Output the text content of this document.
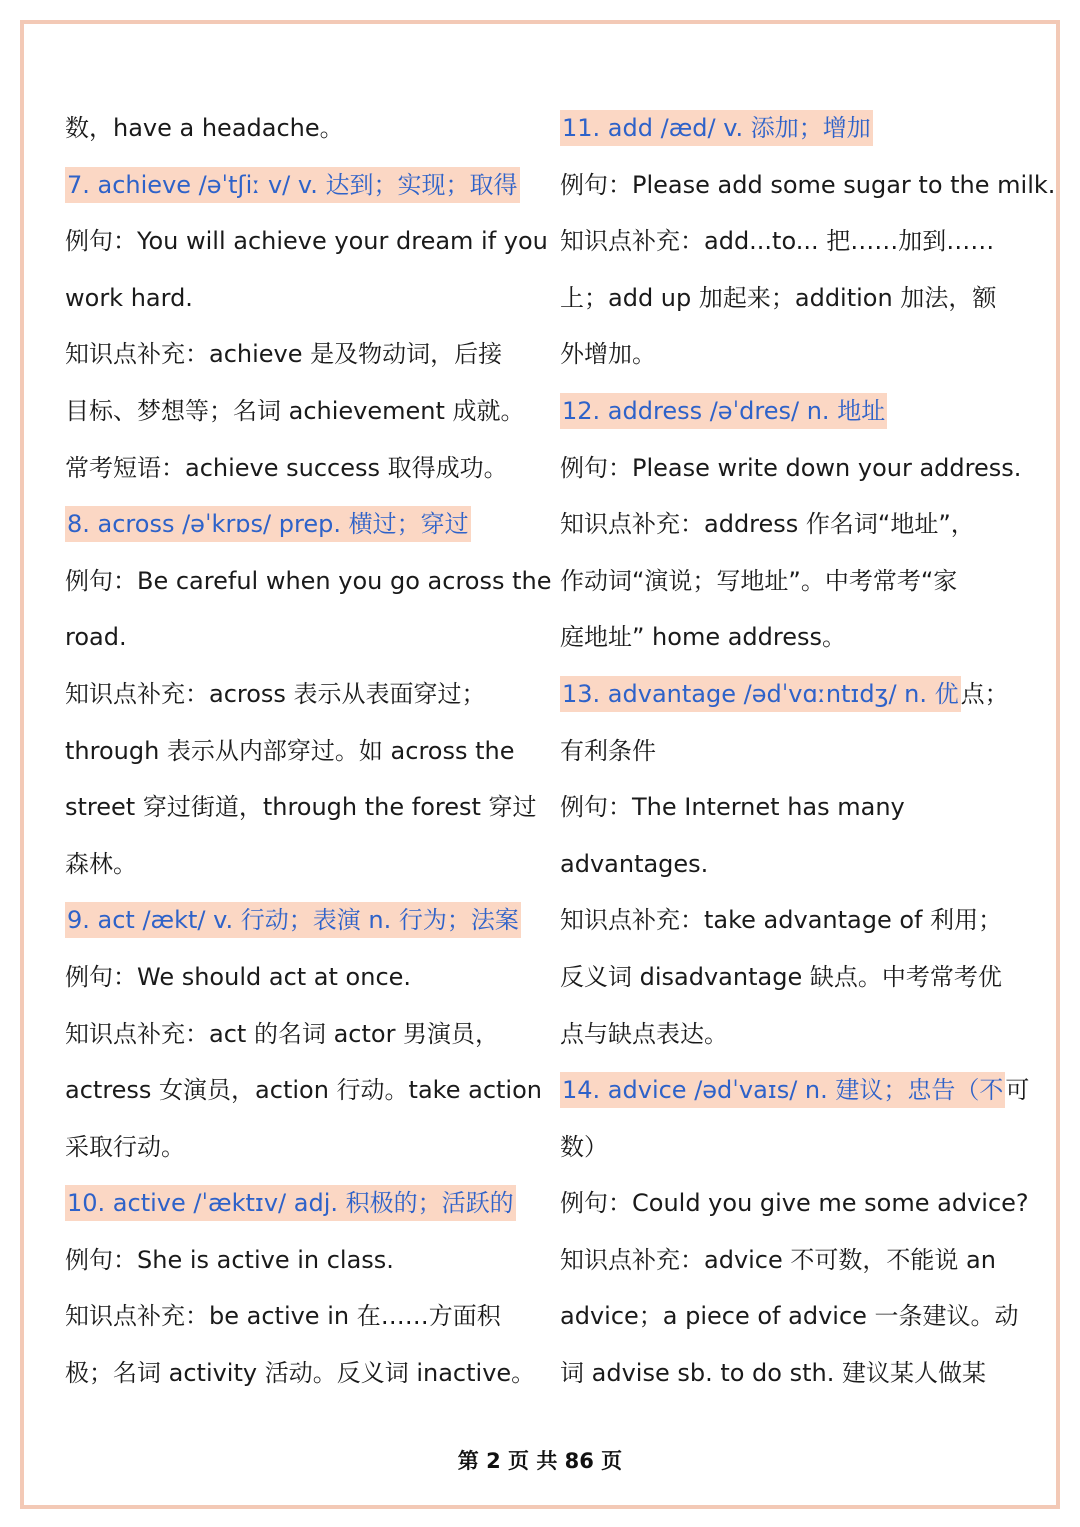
数，have a headache。
7. achieve /əˈtʃiː v/ v. 达到；实现；取得
例句：You will achieve your dream if you
work hard.
知识点补充：achieve 是及物动词，后接
目标、梦想等；名词 achievement 成就。
常考短语：achieve success 取得成功。
8. across /əˈkrɒs/ prep. 横过；穿过
例句：Be careful when you go across the
road.
知识点补充：across 表示从表面穿过；
through 表示从内部穿过。如 across the
street 穿过街道，through the forest 穿过
森林。
9. act /ækt/ v. 行动；表演 n. 行为；法案
例句：We should act at once.
知识点补充：act 的名词 actor 男演员，
actress 女演员，action 行动。take action
采取行动。
10. active /ˈæktɪv/ adj. 积极的；活跃的
例句：She is active in class.
知识点补充：be active in 在……方面积
极；名词 activity 活动。反义词 inactive。
11. add /æd/ v. 添加；增加
例句：Please add some sugar to the milk.
知识点补充：add...to... 把……加到……
上；add up 加起来；addition 加法，额
外增加。
12. address /əˈdres/ n. 地址
例句：Please write down your address.
知识点补充：address 作名词“地址”，
作动词“演说；写地址”。中考常考“家
庭地址” home address。
13. advantage /ədˈvɑːntɪdʒ/ n. 优点；
有利条件
例句：The Internet has many
advantages.
知识点补充：take advantage of 利用；
反义词 disadvantage 缺点。中考常考优
点与缺点表达。
14. advice /ədˈvaɪs/ n. 建议；忠告（不可
数）
例句：Could you give me some advice?
知识点补充：advice 不可数，不能说 an
advice；a piece of advice 一条建议。动
词 advise sb. to do sth. 建议某人做某
第 2 页 共 86 页
